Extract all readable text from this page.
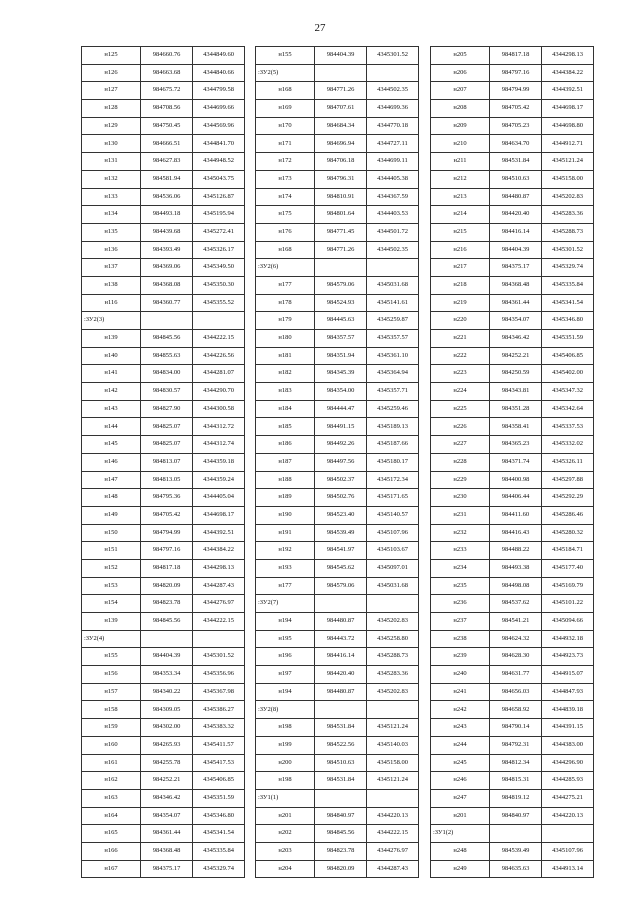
27
н125	984660.76	4344849.60
н126	984663.68	4344840.66
н127	984675.72	4344799.58
н128	984708.56	4344699.66
н129	984750.45	4344569.96
н130	984666.51	4344841.70
н131	984627.83	4344948.52
н132	984581.94	4345043.75
н133	984536.06	4345126.87
н134	984493.18	4345195.94
н135	984439.68	4345272.41
н136	984393.49	4345326.17
н137	984369.06	4345349.50
н138	984368.08	4345350.30
н116	984360.77	4345355.52
:ЗУ2(3)		
н139	984845.56	4344222.15
н140	984855.63	4344226.56
н141	984834.00	4344281.07
н142	984830.57	4344290.70
н143	984827.90	4344300.58
н144	984825.07	4344312.72
н145	984825.07	4344312.74
н146	984813.07	4344359.18
н147	984813.05	4344359.24
н148	984795.36	4344405.04
н149	984705.42	4344698.17
н150	984794.99	4344392.51
н151	984797.16	4344384.22
н152	984817.18	4344298.13
н153	984820.09	4344287.43
н154	984823.78	4344276.97
н139	984845.56	4344222.15
:ЗУ2(4)		
н155	984404.39	4345301.52
н156	984353.34	4345356.96
н157	984340.22	4345367.98
н158	984309.05	4345386.27
н159	984302.00	4345383.32
н160	984265.93	4345411.57
н161	984255.78	4345417.53
н162	984252.21	4345406.85
н163	984346.42	4345351.59
н164	984354.07	4345346.80
н165	984361.44	4345341.54
н166	984368.48	4345335.84
н167	984375.17	4345329.74
н155	984404.39	4345301.52
:ЗУ2(5)		
н168	984771.26	4344502.35
н169	984707.61	4344699.36
н170	984684.34	4344770.18
н171	984696.94	4344727.11
н172	984706.18	4344699.11
н173	984796.31	4344405.38
н174	984810.91	4344367.59
н175	984801.64	4344403.53
н176	984771.45	4344501.72
н168	984771.26	4344502.35
:ЗУ2(6)		
н177	984579.06	4345031.68
н178	984524.93	4345141.61
н179	984445.63	4345259.87
н180	984357.57	4345357.57
н181	984351.94	4345361.10
н182	984345.39	4345364.94
н183	984354.00	4345357.71
н184	984444.47	4345259.46
н185	984491.15	4345189.13
н186	984492.26	4345187.66
н187	984497.56	4345180.17
н188	984502.37	4345172.34
н189	984502.76	4345171.65
н190	984523.40	4345140.57
н191	984539.49	4345107.96
н192	984541.97	4345103.67
н193	984545.62	4345097.01
н177	984579.06	4345031.68
:ЗУ2(7)		
н194	984480.87	4345202.83
н195	984443.72	4345258.80
н196	984416.14	4345288.73
н197	984420.40	4345283.36
н194	984480.87	4345202.83
:ЗУ2(8)		
н198	984531.84	4345121.24
н199	984522.56	4345140.03
н200	984510.63	4345158.00
н198	984531.84	4345121.24
:ЗУ1(1)		
н201	984840.97	4344220.13
н202	984845.56	4344222.15
н203	984823.78	4344276.97
н204	984820.09	4344287.43
н205	984817.18	4344298.13
н206	984797.16	4344384.22
н207	984794.99	4344392.51
н208	984705.42	4344698.17
н209	984705.23	4344698.80
н210	984634.70	4344912.71
н211	984531.84	4345121.24
н212	984510.63	4345158.00
н213	984480.87	4345202.83
н214	984420.40	4345283.36
н215	984416.14	4345288.73
н216	984404.39	4345301.52
н217	984375.17	4345329.74
н218	984368.48	4345335.84
н219	984361.44	4345341.54
н220	984354.07	4345346.80
н221	984346.42	4345351.59
н222	984252.21	4345406.85
н223	984250.59	4345402.00
н224	984343.81	4345347.32
н225	984351.28	4345342.64
н226	984358.41	4345337.53
н227	984365.23	4345332.02
н228	984371.74	4345326.11
н229	984400.98	4345297.88
н230	984406.44	4345292.29
н231	984411.60	4345286.46
н232	984416.43	4345280.32
н233	984488.22	4345184.71
н234	984493.38	4345177.40
н235	984498.08	4345169.79
н236	984537.62	4345101.22
н237	984541.21	4345094.66
н238	984624.32	4344932.18
н239	984628.30	4344923.73
н240	984631.77	4344915.07
н241	984656.03	4344847.93
н242	984658.92	4344839.18
н243	984790.14	4344391.15
н244	984792.31	4344383.00
н245	984812.34	4344296.90
н246	984815.31	4344285.93
н247	984819.12	4344275.21
н201	984840.97	4344220.13
:ЗУ1(2)		
н248	984539.49	4345107.96
н249	984635.63	4344913.14
